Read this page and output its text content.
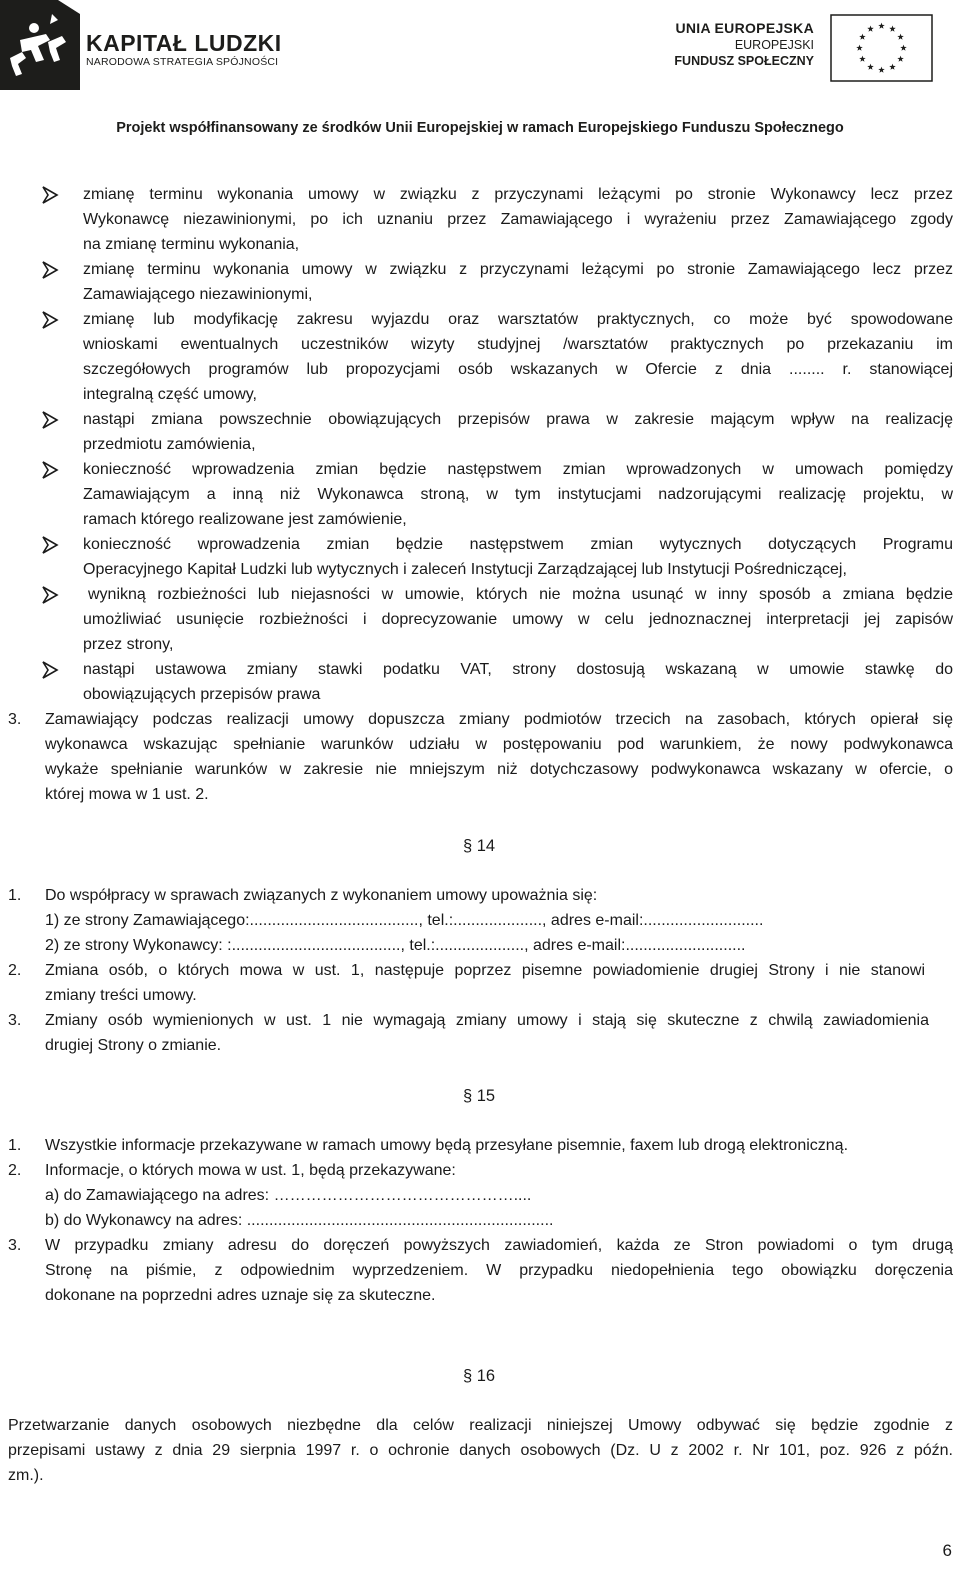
KAPITAŁ LUDZKI
NARODOWA STRATEGIA SPÓJNOŚCI
UNIA EUROPEJSKA
EUROPEJSKI
FUNDUSZ SPOŁECZNY
Projekt współfinansowany ze środków Unii Europejskiej w ramach Europejskiego Funduszu Społecznego
zmianę terminu wykonania umowy w związku z przyczynami leżącymi po stronie Wykonawcy lecz przez
Wykonawcę niezawinionymi, po ich uznaniu przez Zamawiającego i wyrażeniu przez Zamawiającego zgody
na zmianę terminu wykonania,
zmianę terminu wykonania umowy w związku z przyczynami leżącymi po stronie Zamawiającego lecz przez
Zamawiającego niezawinionymi,
zmianę lub modyfikację zakresu wyjazdu oraz warsztatów praktycznych, co może być spowodowane
wnioskami ewentualnych uczestników wizyty studyjnej /warsztatów praktycznych po przekazaniu im
szczegółowych programów lub propozycjami osób wskazanych w Ofercie z dnia ........ r. stanowiącej
integralną część umowy,
nastąpi zmiana powszechnie obowiązujących przepisów prawa w zakresie mającym wpływ na realizację
przedmiotu zamówienia,
konieczność wprowadzenia zmian będzie następstwem zmian wprowadzonych w umowach pomiędzy
Zamawiającym a inną niż Wykonawca stroną, w tym instytucjami nadzorującymi realizację projektu, w
ramach którego realizowane jest zamówienie,
konieczność wprowadzenia zmian będzie następstwem zmian wytycznych dotyczących Programu
Operacyjnego Kapitał Ludzki lub wytycznych i zaleceń Instytucji Zarządzającej lub Instytucji Pośredniczącej,
wynikną rozbieżności lub niejasności w umowie, których nie można usunąć w inny sposób a zmiana będzie
umożliwiać usunięcie rozbieżności i doprecyzowanie umowy w celu jednoznacznej interpretacji jej zapisów
przez strony,
nastąpi ustawowa zmiany stawki podatku VAT, strony dostosują wskazaną w umowie stawkę do
obowiązujących przepisów prawa
3. Zamawiający podczas realizacji umowy dopuszcza zmiany podmiotów trzecich na zasobach, których opierał się
wykonawca wskazując spełnianie warunków udziału w postępowaniu pod warunkiem, że nowy podwykonawca
wykaże spełnianie warunków w zakresie nie mniejszym niż dotychczasowy podwykonawca wskazany w ofercie, o
której mowa w 1 ust. 2.
§ 14
1. Do współpracy w sprawach związanych z wykonaniem umowy upoważnia się:
1) ze strony Zamawiającego:......................................, tel.:...................., adres e-mail:...........................
2) ze strony Wykonawcy: :......................................, tel.:...................., adres e-mail:...........................
2. Zmiana osób, o których mowa w ust. 1, następuje poprzez pisemne powiadomienie drugiej Strony i nie stanowi
zmiany treści umowy.
3. Zmiany osób wymienionych w ust. 1 nie wymagają zmiany umowy i stają się skuteczne z chwilą zawiadomienia
drugiej Strony o zmianie.
§ 15
1. Wszystkie informacje przekazywane w ramach umowy będą przesyłane pisemnie, faxem lub drogą elektroniczną.
2. Informacje, o których mowa w ust. 1, będą przekazywane:
a) do Zamawiającego na adres: ………………………………………....
b) do Wykonawcy na adres: .....................................................................
3. W przypadku zmiany adresu do doręczeń powyższych zawiadomień, każda ze Stron powiadomi o tym drugą
Stronę na piśmie, z odpowiednim wyprzedzeniem. W przypadku niedopełnienia tego obowiązku doręczenia
dokonane na poprzedni adres uznaje się za skuteczne.
§ 16
Przetwarzanie danych osobowych niezbędne dla celów realizacji niniejszej Umowy odbywać się będzie zgodnie z
przepisami ustawy z dnia 29 sierpnia 1997 r. o ochronie danych osobowych (Dz. U z 2002 r. Nr 101, poz. 926 z późn.
zm.).
6
